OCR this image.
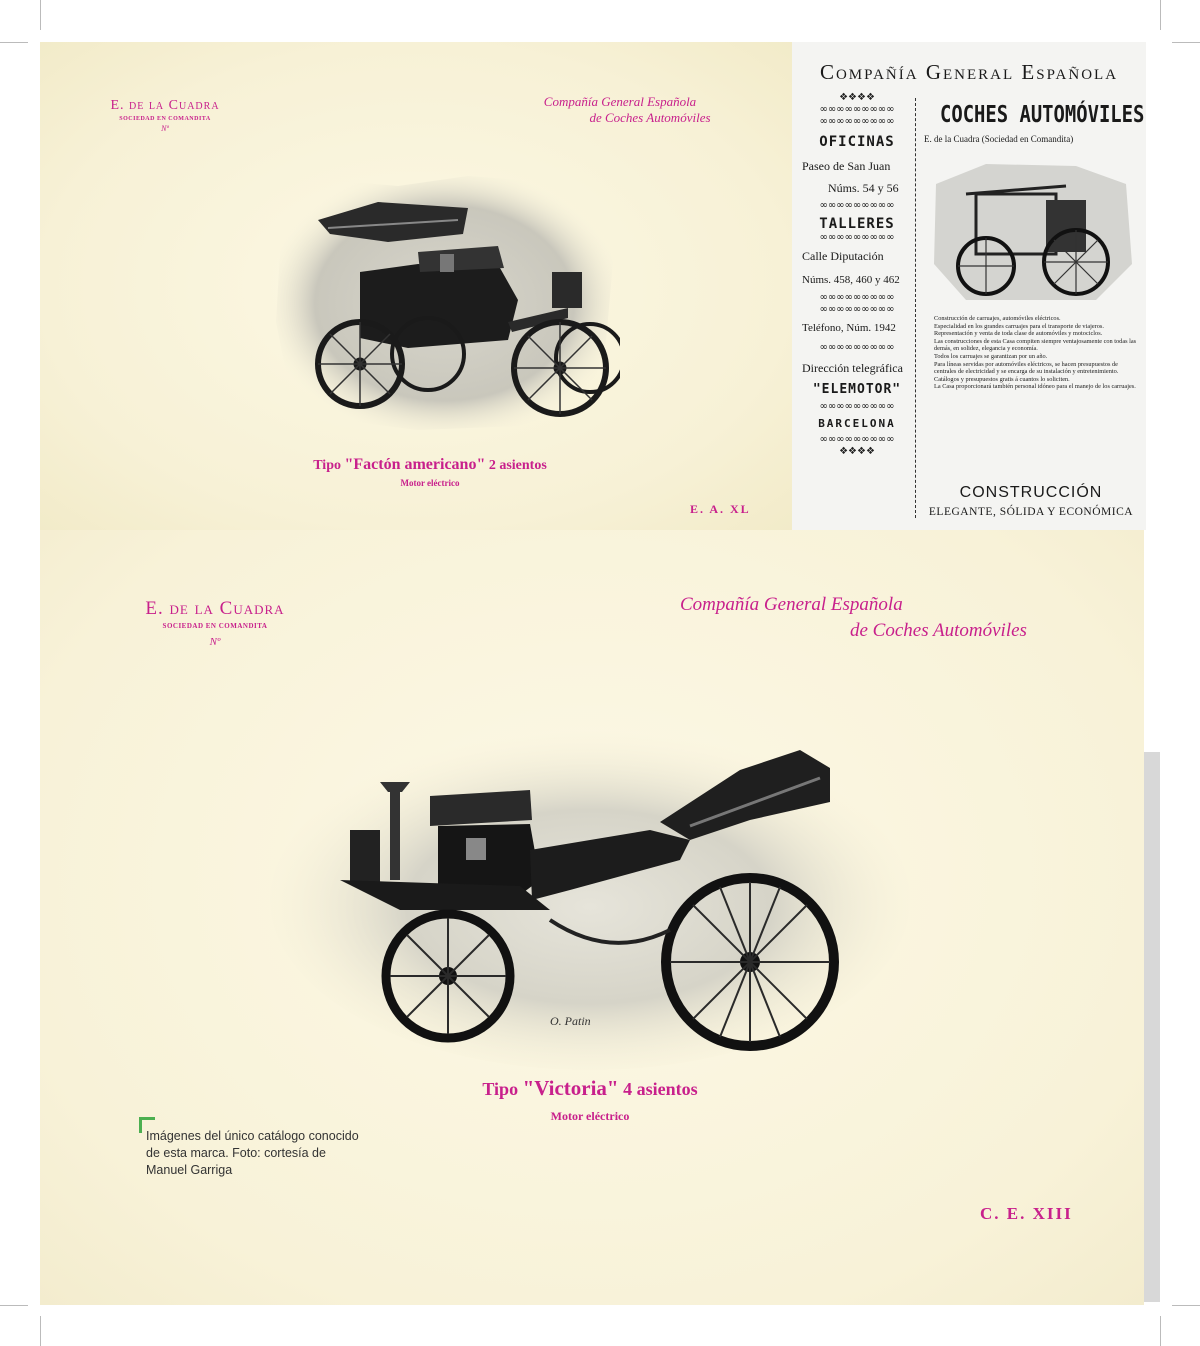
E. de la Cuadra
SOCIEDAD EN COMANDITA
Nº
Compañía General Española
de Coches Automóviles
Tipo "Factón americano" 2 asientos
Motor eléctrico
E. A. XL
Compañía General Española
❖❖❖❖
∞∞∞∞∞∞∞∞∞
∞∞∞∞∞∞∞∞∞
OFICINAS
Paseo de San Juan
Núms. 54 y 56
∞∞∞∞∞∞∞∞∞
TALLERES
∞∞∞∞∞∞∞∞∞
Calle Diputación
Núms. 458, 460 y 462
∞∞∞∞∞∞∞∞∞
∞∞∞∞∞∞∞∞∞
Teléfono, Núm. 1942
∞∞∞∞∞∞∞∞∞
Dirección telegráfica
"ELEMOTOR"
∞∞∞∞∞∞∞∞∞
BARCELONA
∞∞∞∞∞∞∞∞∞
❖❖❖❖
COCHES AUTOMÓVILES
E. de la Cuadra (Sociedad en Comandita)
Construcción de carruajes, automóviles eléctricos.
Especialidad en los grandes carruajes para el transporte de viajeros.
Representación y venta de toda clase de automóviles y motociclos.
Las construcciones de esta Casa compiten siempre ventajosamente con todas las demás, en solidez, elegancia y economía.
Todos los carruajes se garantizan por un año.
Para líneas servidas por automóviles eléctricos, se hacen presupuestos de centrales de electricidad y se encarga de su instalación y entretenimiento.
Catálogos y presupuestos gratis á cuantos lo soliciten.
La Casa proporcionará también personal idóneo para el manejo de los carruajes.
CONSTRUCCIÓN
ELEGANTE, SÓLIDA Y ECONÓMICA
E. de la Cuadra
SOCIEDAD EN COMANDITA
Nº
Compañía General Española
de Coches Automóviles
O. Patin
Tipo "Victoria" 4 asientos
Motor eléctrico
C. E. XIII
Imágenes del único catálogo conocido de esta marca. Foto: cortesía de Manuel Garriga
